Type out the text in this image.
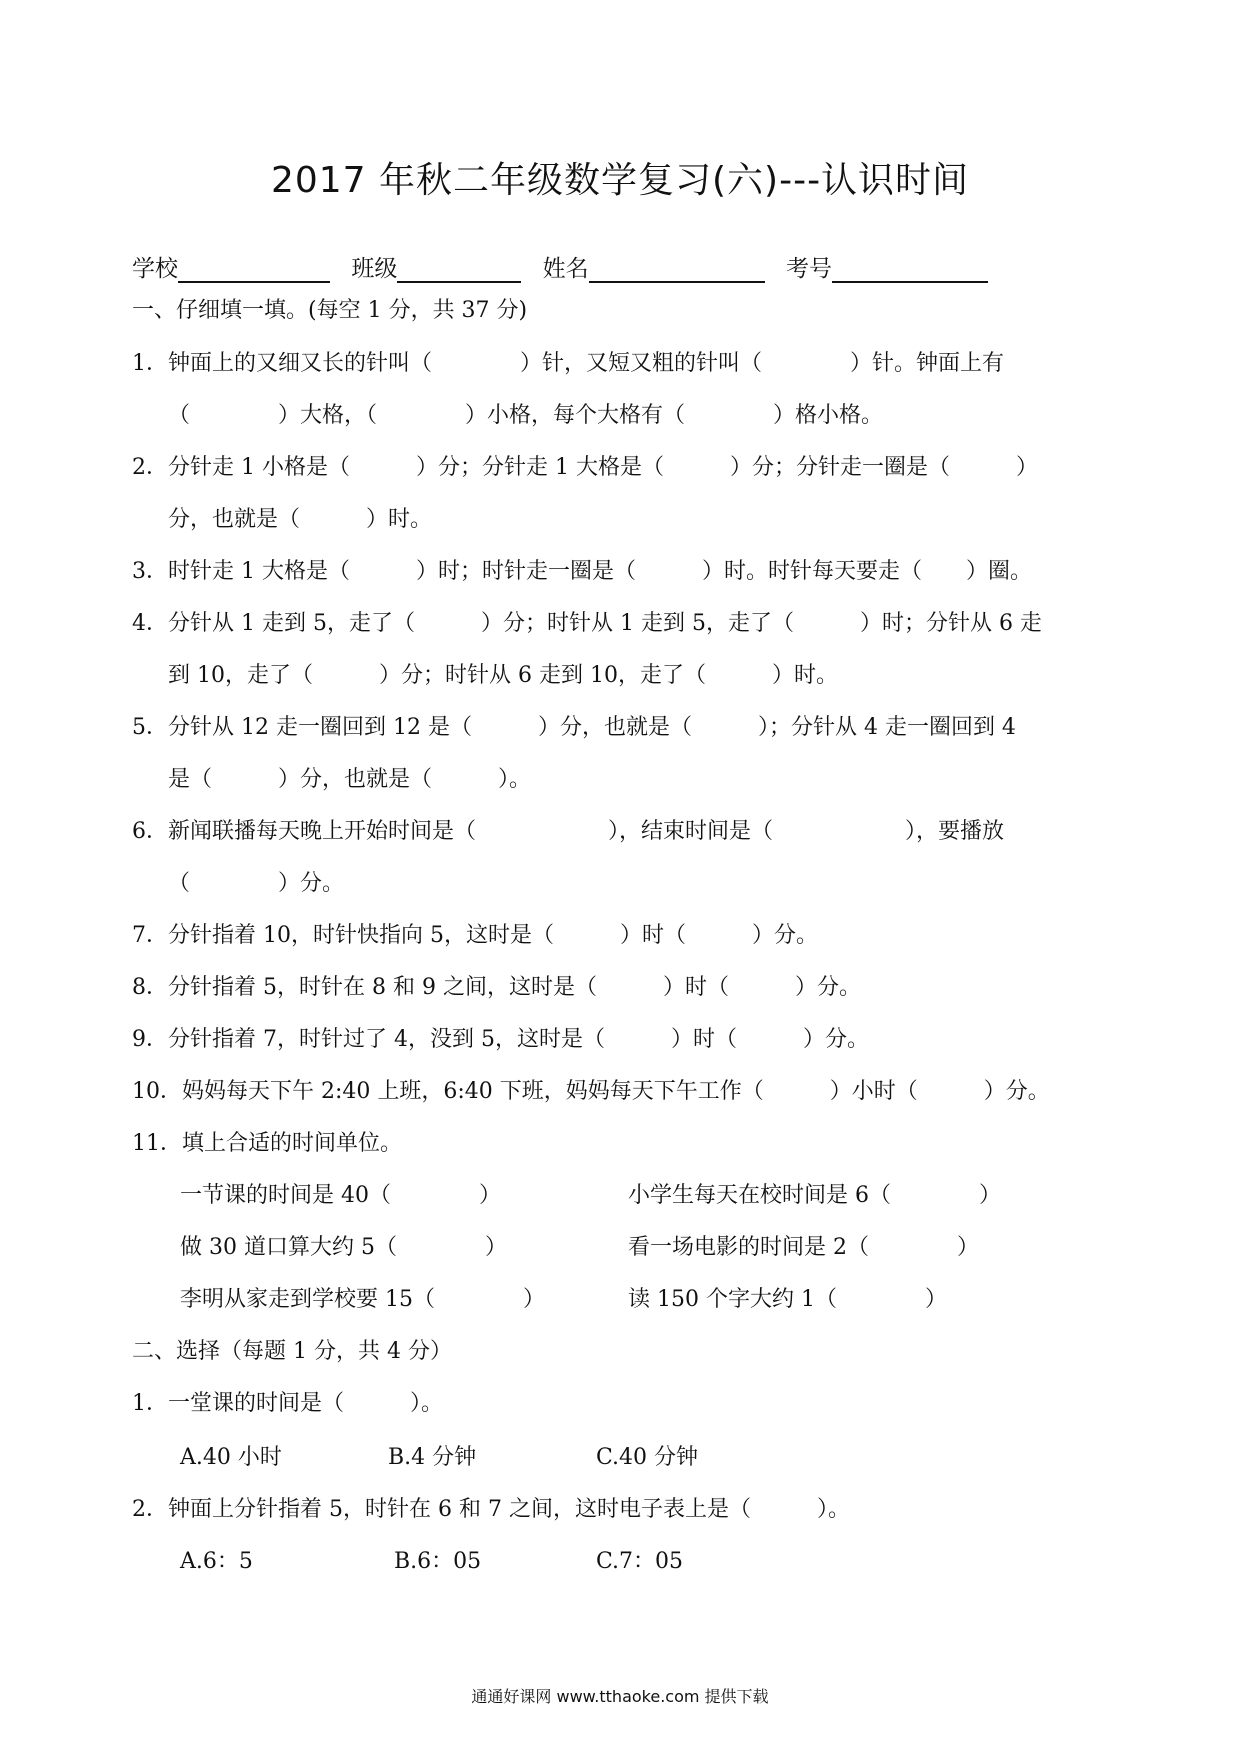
2017 年秋二年级数学复习(六)---认识时间
学校	班级	姓名	考号
一、仔细填一填。(每空 1 分，共 37 分)
1．钟面上的又细又长的针叫（　　　　）针，又短又粗的针叫（　　　　）针。钟面上有
（　　　　）大格，（　　　　）小格，每个大格有（　　　　）格小格。
2．分针走 1 小格是（　　　）分；分针走 1 大格是（　　　）分；分针走一圈是（　　　）
分，也就是（　　　）时。
3．时针走 1 大格是（　　　）时；时针走一圈是（　　　）时。时针每天要走（　　）圈。
4．分针从 1 走到 5，走了（　　　）分；时针从 1 走到 5，走了（　　　）时；分针从 6 走
到 10，走了（　　　）分；时针从 6 走到 10，走了（　　　）时。
5．分针从 12 走一圈回到 12 是（　　　）分，也就是（　　　）；分针从 4 走一圈回到 4
是（　　　）分，也就是（　　　）。
6．新闻联播每天晚上开始时间是（　　　　　　），结束时间是（　　　　　　），要播放
（　　　　）分。
7．分针指着 10，时针快指向 5，这时是（　　　）时（　　　）分。
8．分针指着 5，时针在 8 和 9 之间，这时是（　　　）时（　　　）分。
9．分针指着 7，时针过了 4，没到 5，这时是（　　　）时（　　　）分。
10．妈妈每天下午 2:40 上班，6:40 下班，妈妈每天下午工作（　　　）小时（　　　）分。
11．填上合适的时间单位。
一节课的时间是 40（　　　　）	小学生每天在校时间是 6（　　　　）
做 30 道口算大约 5（　　　　）	看一场电影的时间是 2（　　　　）
李明从家走到学校要 15（　　　　）	读 150 个字大约 1（　　　　）
二、选择（每题 1 分，共 4 分）
1．一堂课的时间是（　　　）。
A.40 小时	B.4 分钟	C.40 分钟
2．钟面上分针指着 5，时针在 6 和 7 之间，这时电子表上是（　　　）。
A.6：5	B.6：05	C.7：05
通通好课网 www.tthaoke.com 提供下载
